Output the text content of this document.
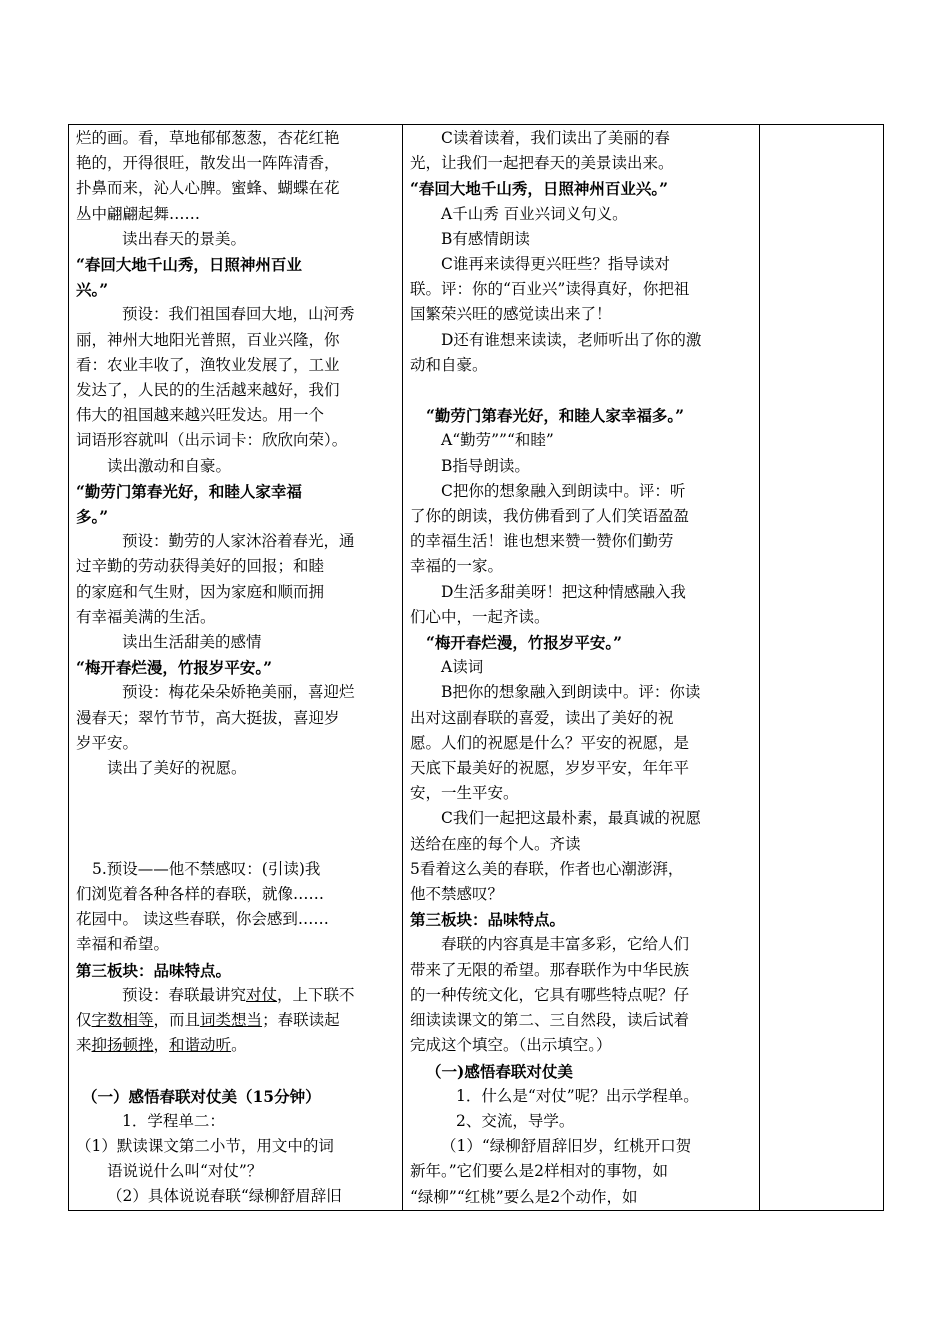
烂的画。看，草地郁郁葱葱，杏花红艳
艳的，开得很旺，散发出一阵阵清香，
扑鼻而来，沁人心脾。蜜蜂、蝴蝶在花
丛中翩翩起舞……
读出春天的景美。
“春回大地千山秀，日照神州百业
兴。”
预设：我们祖国春回大地，山河秀
丽，神州大地阳光普照，百业兴隆，你
看：农业丰收了，渔牧业发展了，工业
发达了，人民的的生活越来越好，我们
伟大的祖国越来越兴旺发达。用一个
词语形容就叫（出示词卡：欣欣向荣）。
读出激动和自豪。
“勤劳门第春光好，和睦人家幸福
多。”
预设：勤劳的人家沐浴着春光，通
过辛勤的劳动获得美好的回报；和睦
的家庭和气生财，因为家庭和顺而拥
有幸福美满的生活。
读出生活甜美的感情
“梅开春烂漫，竹报岁平安。”
预设：梅花朵朵娇艳美丽，喜迎烂
漫春天；翠竹节节，高大挺拔，喜迎岁
岁平安。
读出了美好的祝愿。
5.预设——他不禁感叹：(引读)我
们浏览着各种各样的春联，就像……
花园中。 读这些春联，你会感到……
幸福和希望。
第三板块：品味特点。
预设：春联最讲究对仗，上下联不
仅字数相等，而且词类想当；春联读起
来抑扬顿挫，和谐动听。
（一）感悟春联对仗美（15分钟）
1．学程单二：
（1）默读课文第二小节，用文中的词
语说说什么叫“对仗”？
（2）具体说说春联“绿柳舒眉辞旧

C读着读着，我们读出了美丽的春
光，让我们一起把春天的美景读出来。
“春回大地千山秀，日照神州百业兴。”
A千山秀 百业兴词义句义。
B有感情朗读
C谁再来读得更兴旺些？指导读对
联。评：你的“百业兴”读得真好，你把祖
国繁荣兴旺的感觉读出来了！
D还有谁想来读读，老师听出了你的激
动和自豪。
“勤劳门第春光好，和睦人家幸福多。”
A“勤劳””“和睦”
B指导朗读。
C把你的想象融入到朗读中。评：听
了你的朗读，我仿佛看到了人们笑语盈盈
的幸福生活！谁也想来赞一赞你们勤劳
幸福的一家。
D生活多甜美呀！把这种情感融入我
们心中，一起齐读。
“梅开春烂漫，竹报岁平安。”
A读词
B把你的想象融入到朗读中。评：你读
出对这副春联的喜爱，读出了美好的祝
愿。人们的祝愿是什么？平安的祝愿，是
天底下最美好的祝愿，岁岁平安，年年平
安，一生平安。
C我们一起把这最朴素，最真诚的祝愿
送给在座的每个人。齐读
5看着这么美的春联，作者也心潮澎湃，
他不禁感叹？
第三板块：品味特点。
春联的内容真是丰富多彩，它给人们
带来了无限的希望。那春联作为中华民族
的一种传统文化，它具有哪些特点呢？仔
细读读课文的第二、三自然段，读后试着
完成这个填空。（出示填空。）
（一)感悟春联对仗美
1．什么是“对仗”呢？出示学程单。
2、交流，导学。
（1）“绿柳舒眉辞旧岁，红桃开口贺
新年。”它们要么是2样相对的事物，如
“绿柳”“红桃”要么是2个动作，如
